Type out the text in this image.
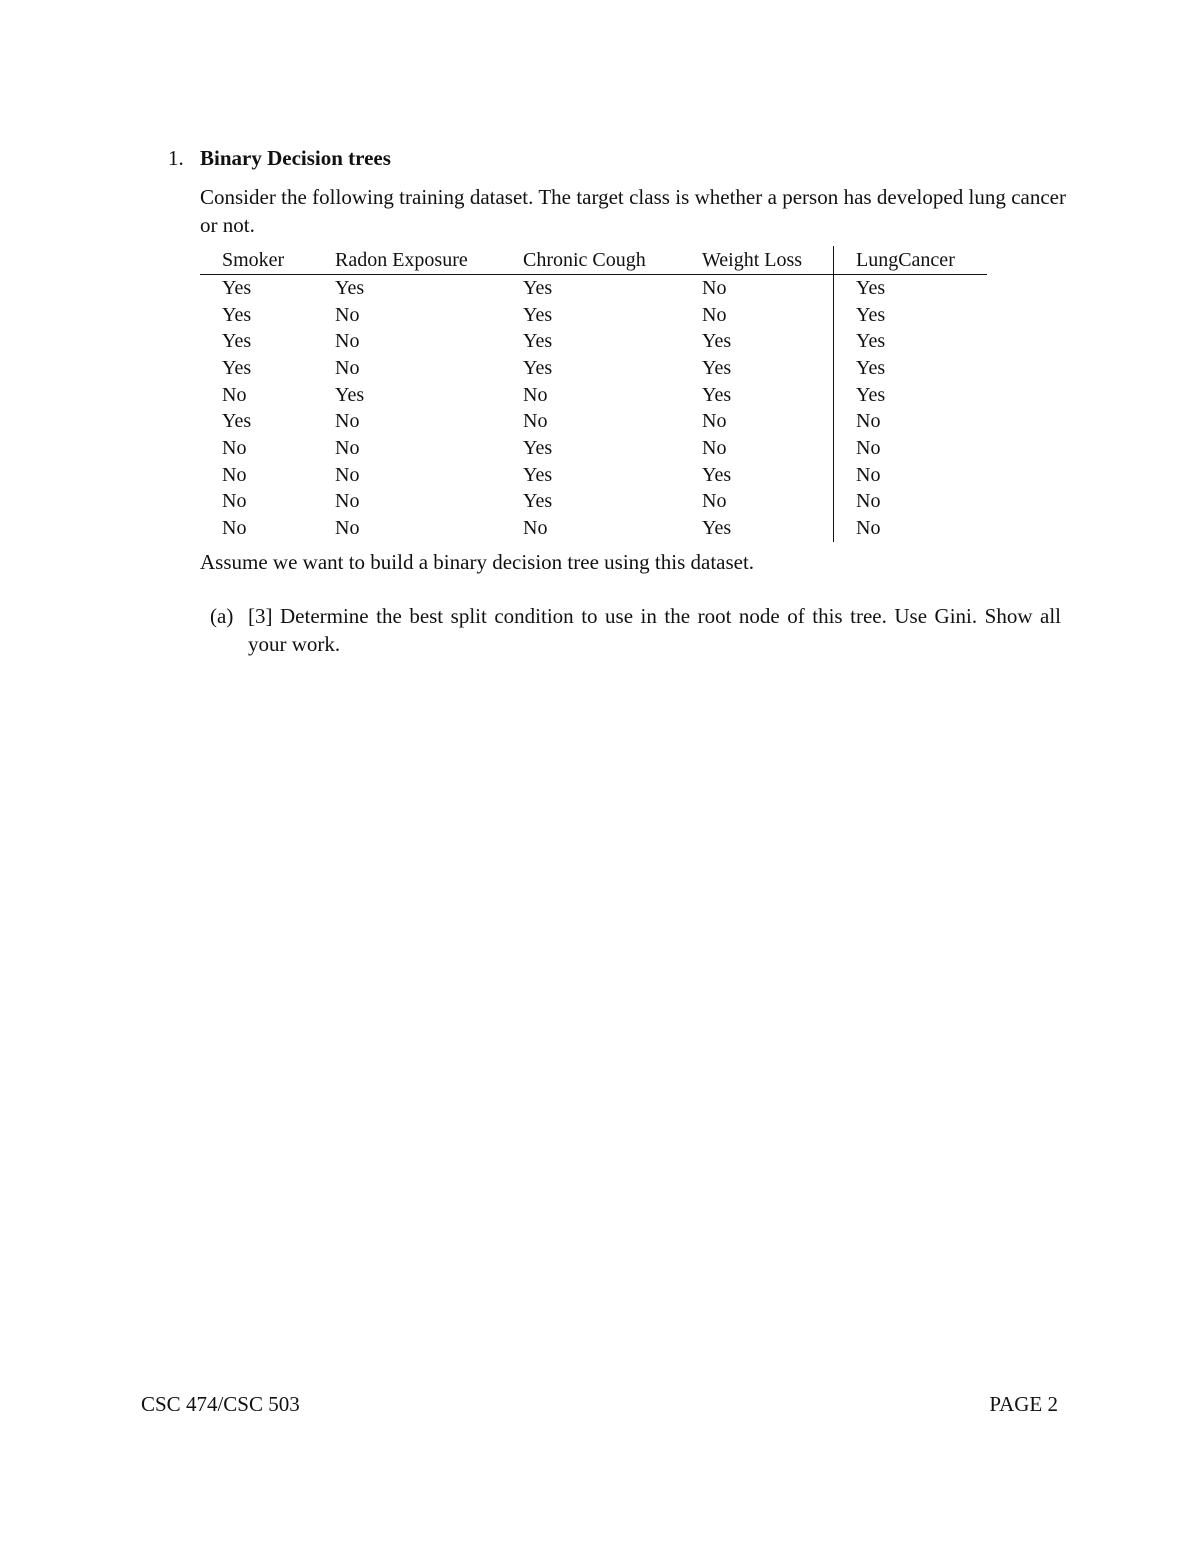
1. Binary Decision trees
Consider the following training dataset. The target class is whether a person has developed lung cancer or not.
Smoker	Radon Exposure	Chronic Cough	Weight Loss	LungCancer
Yes	Yes	Yes	No	Yes
Yes	No	Yes	No	Yes
Yes	No	Yes	Yes	Yes
Yes	No	Yes	Yes	Yes
No	Yes	No	Yes	Yes
Yes	No	No	No	No
No	No	Yes	No	No
No	No	Yes	Yes	No
No	No	Yes	No	No
No	No	No	Yes	No
Assume we want to build a binary decision tree using this dataset.
(a) [3] Determine the best split condition to use in the root node of this tree. Use Gini. Show all your work.
CSC 474/CSC 503	PAGE 2
